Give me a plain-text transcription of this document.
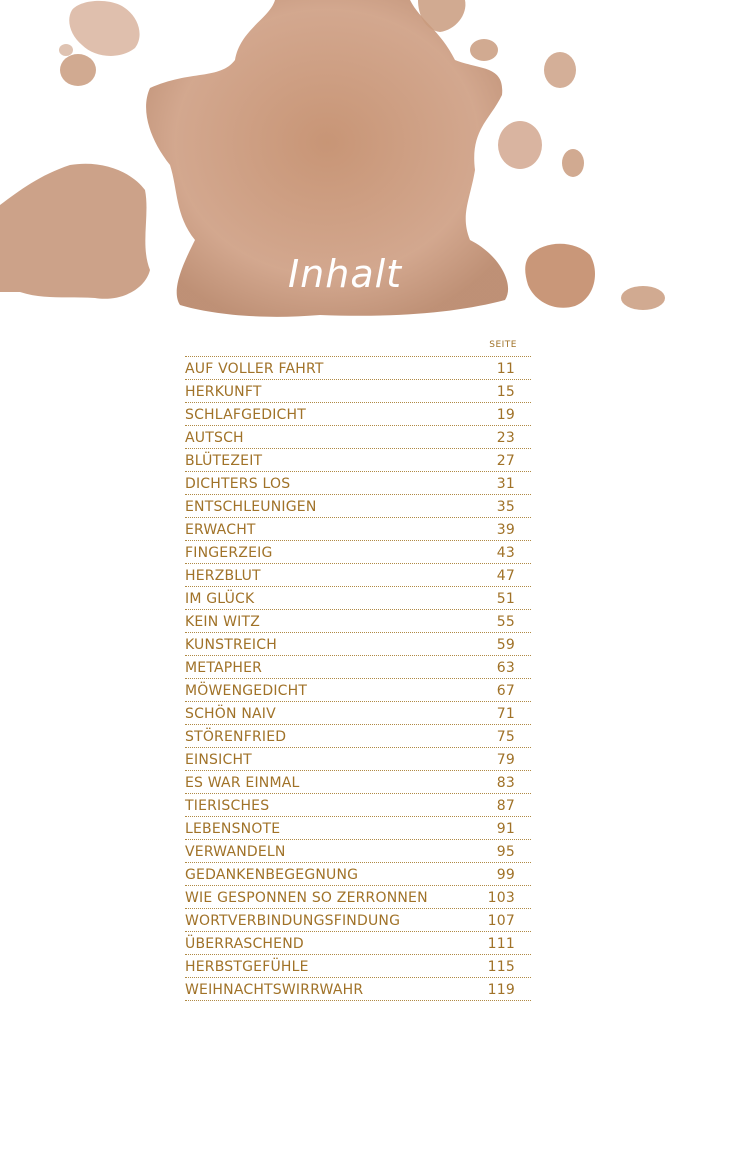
Inhalt
SEITE
AUF VOLLER FAHRT	11
HERKUNFT	15
SCHLAFGEDICHT	19
AUTSCH	23
BLÜTEZEIT	27
DICHTERS LOS	31
ENTSCHLEUNIGEN	35
ERWACHT	39
FINGERZEIG	43
HERZBLUT	47
IM GLÜCK	51
KEIN WITZ	55
KUNSTREICH	59
METAPHER	63
MÖWENGEDICHT	67
SCHÖN NAIV	71
STÖRENFRIED	75
EINSICHT	79
ES WAR EINMAL	83
TIERISCHES	87
LEBENSNOTE	91
VERWANDELN	95
GEDANKENBEGEGNUNG	99
WIE GESPONNEN SO ZERRONNEN	103
WORTVERBINDUNGSFINDUNG	107
ÜBERRASCHEND	111
HERBSTGEFÜHLE	115
WEIHNACHTSWIRRWAHR	119
